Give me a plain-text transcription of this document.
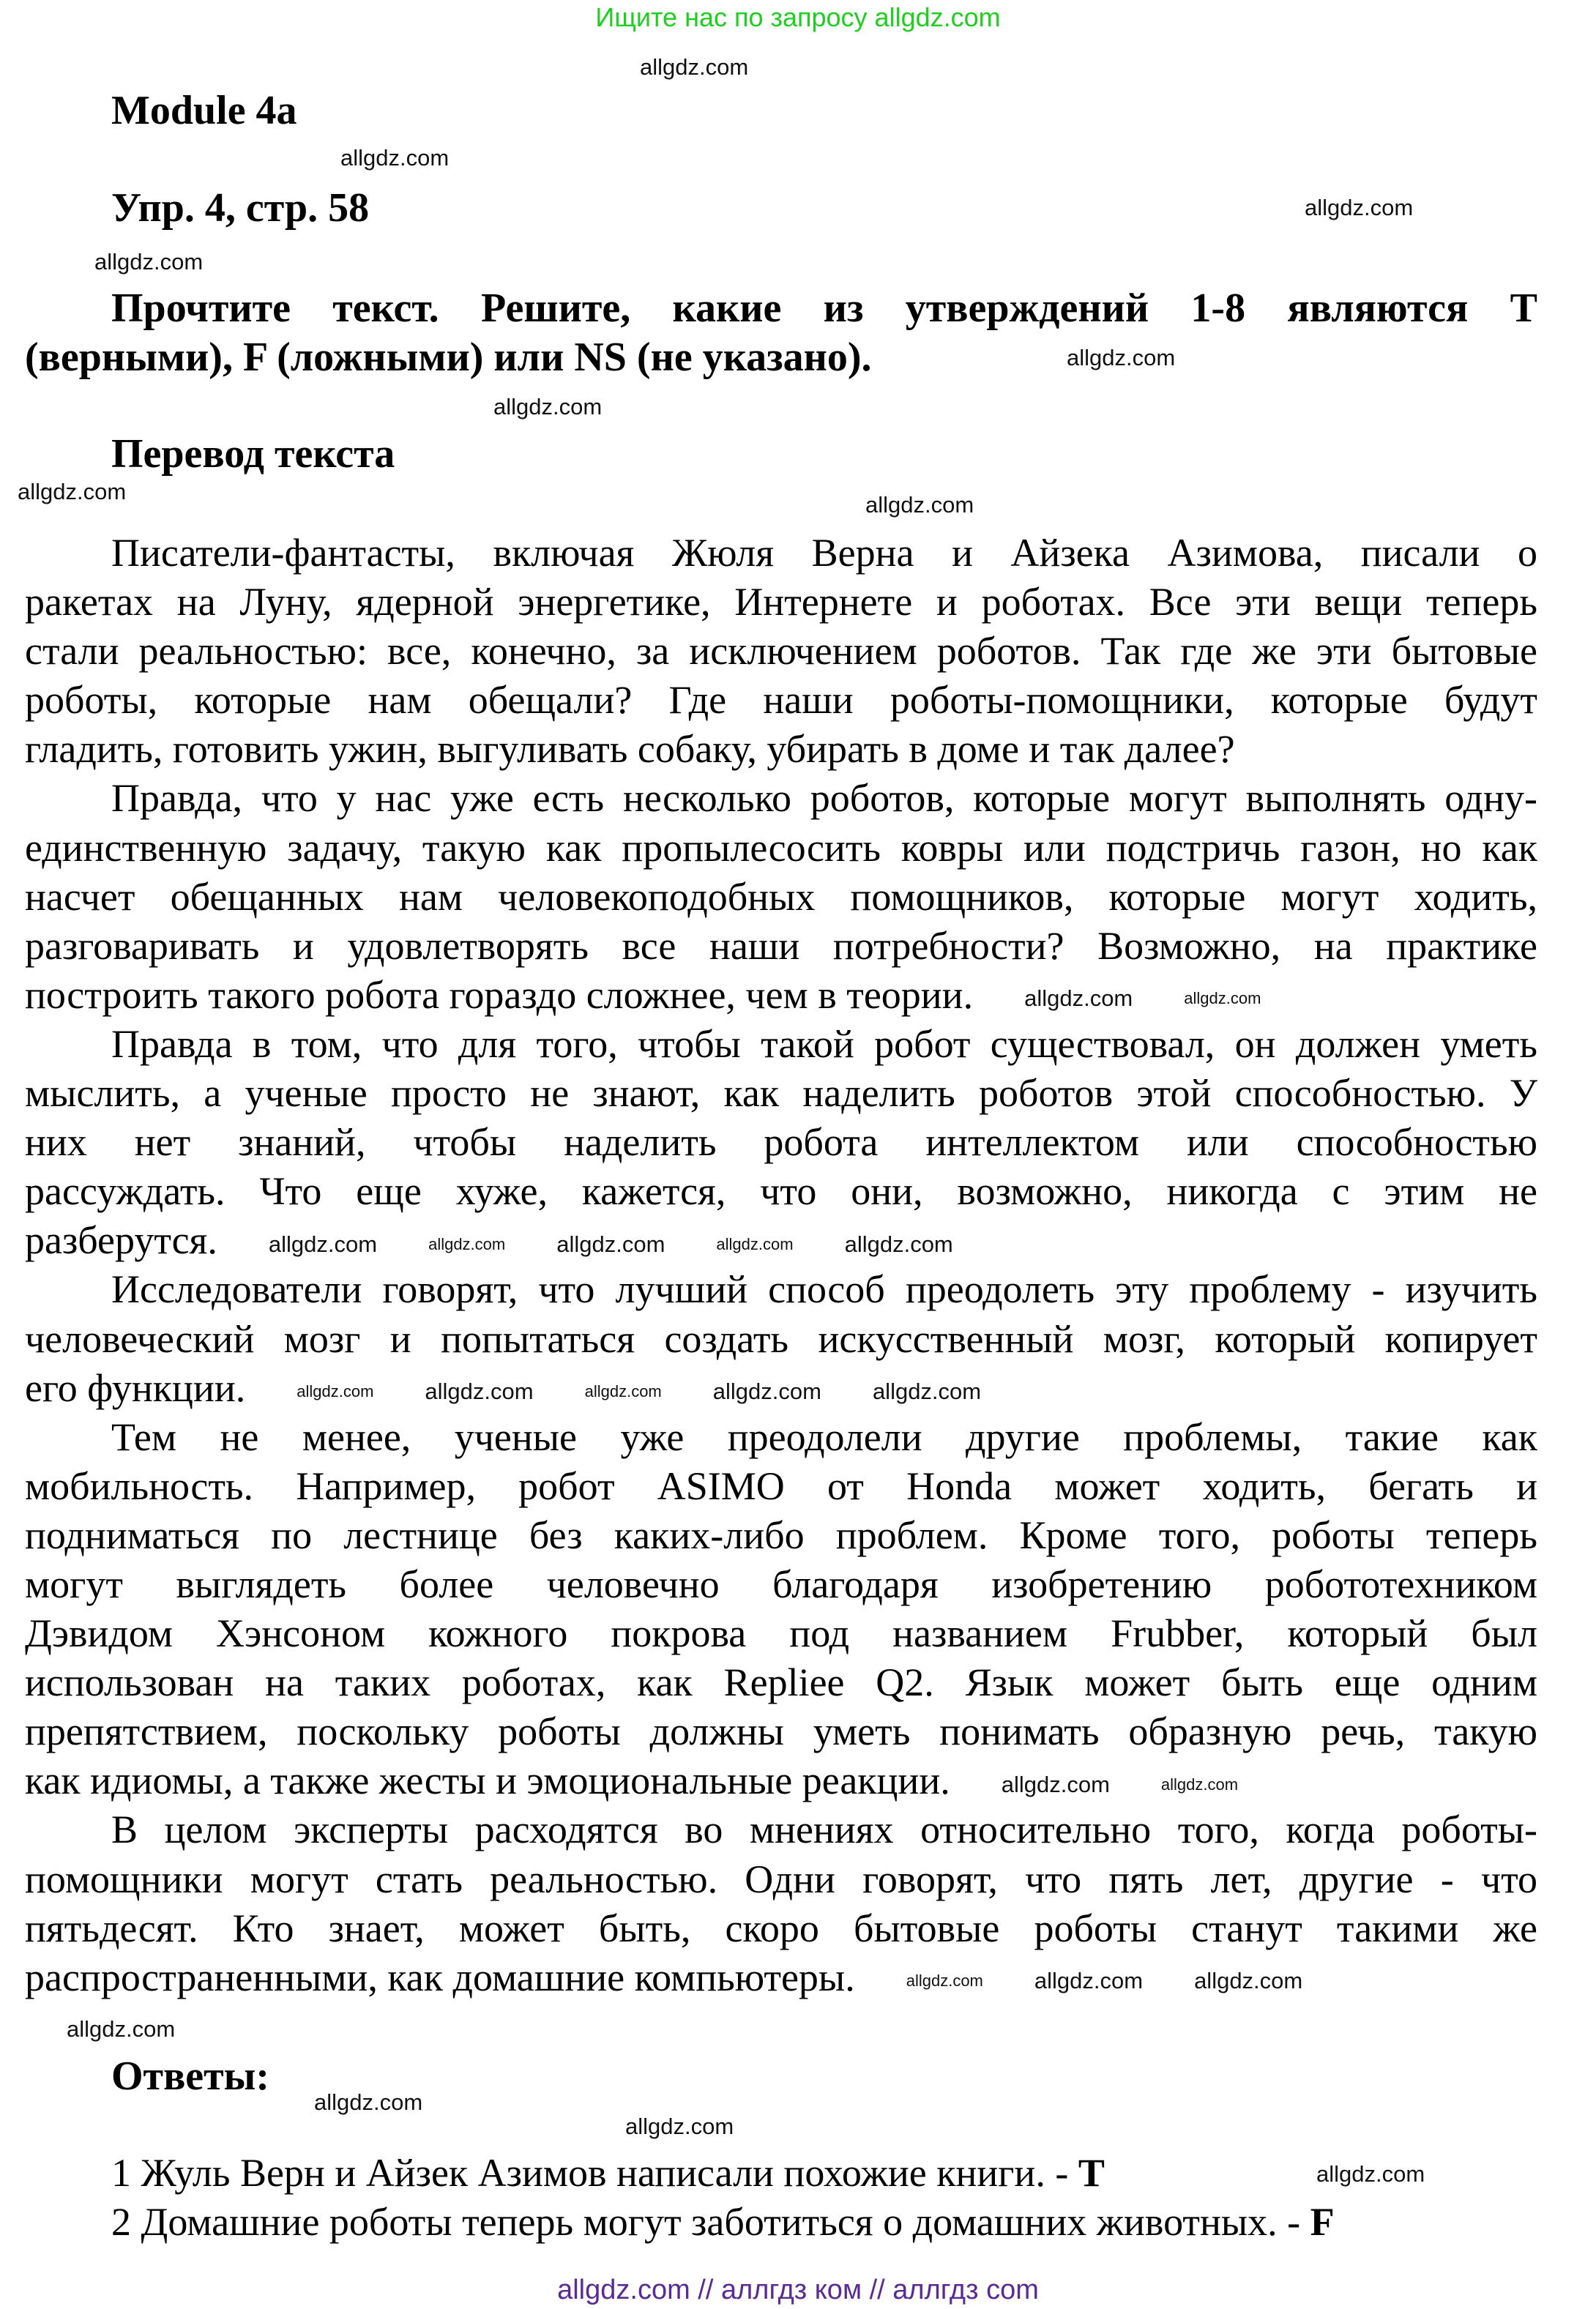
Ищите нас по запросу allgdz.com
Module 4a
Упр. 4, стр. 58
Прочтите текст. Решите, какие из утверждений 1-8 являются T
(верными), F (ложными) или NS (не указано).
Перевод текста
Писатели-фантасты, включая Жюля Верна и Айзека Азимова, писали о
ракетах на Луну, ядерной энергетике, Интернете и роботах. Все эти вещи теперь
стали реальностью: все, конечно, за исключением роботов. Так где же эти бытовые
роботы, которые нам обещали? Где наши роботы-помощники, которые будут
гладить, готовить ужин, выгуливать собаку, убирать в доме и так далее?
Правда, что у нас уже есть несколько роботов, которые могут выполнять одну-
единственную задачу, такую как пропылесосить ковры или подстричь газон, но как
насчет обещанных нам человекоподобных помощников, которые могут ходить,
разговаривать и удовлетворять все наши потребности? Возможно, на практике
построить такого робота гораздо сложнее, чем в теории. allgdz.com	allgdz.com
Правда в том, что для того, чтобы такой робот существовал, он должен уметь
мыслить, а ученые просто не знают, как наделить роботов этой способностью. У
них нет знаний, чтобы наделить робота интеллектом или способностью
рассуждать. Что еще хуже, кажется, что они, возможно, никогда с этим не
разберутся. allgdz.com	allgdz.com allgdz.com	allgdz.com allgdz.com
Исследователи говорят, что лучший способ преодолеть эту проблему - изучить
человеческий мозг и попытаться создать искусственный мозг, который копирует
его функции.	allgdz.com allgdz.com	allgdz.com allgdz.com allgdz.com
Тем не менее, ученые уже преодолели другие проблемы, такие как
мобильность. Например, робот ASIMO от Honda может ходить, бегать и
подниматься по лестнице без каких-либо проблем. Кроме того, роботы теперь
могут выглядеть более человечно благодаря изобретению робототехником
Дэвидом Хэнсоном кожного покрова под названием Frubber, который был
использован на таких роботах, как Repliee Q2. Язык может быть еще одним
препятствием, поскольку роботы должны уметь понимать образную речь, такую
как идиомы, а также жесты и эмоциональные реакции. allgdz.com	allgdz.com
В целом эксперты расходятся во мнениях относительно того, когда роботы-
помощники могут стать реальностью. Одни говорят, что пять лет, другие - что
пятьдесят. Кто знает, может быть, скоро бытовые роботы станут такими же
распространенными, как домашние компьютеры.	allgdz.com allgdz.com allgdz.com
Ответы:
1 Жуль Верн и Айзек Азимов написали похожие книги. - T
2 Домашние роботы теперь могут заботиться о домашних животных. - F
allgdz.com // аллгдз ком // аллгдз com
allgdz.com
allgdz.com
allgdz.com
allgdz.com
allgdz.com
allgdz.com
allgdz.com
allgdz.com
allgdz.com
allgdz.com
allgdz.com
allgdz.com
